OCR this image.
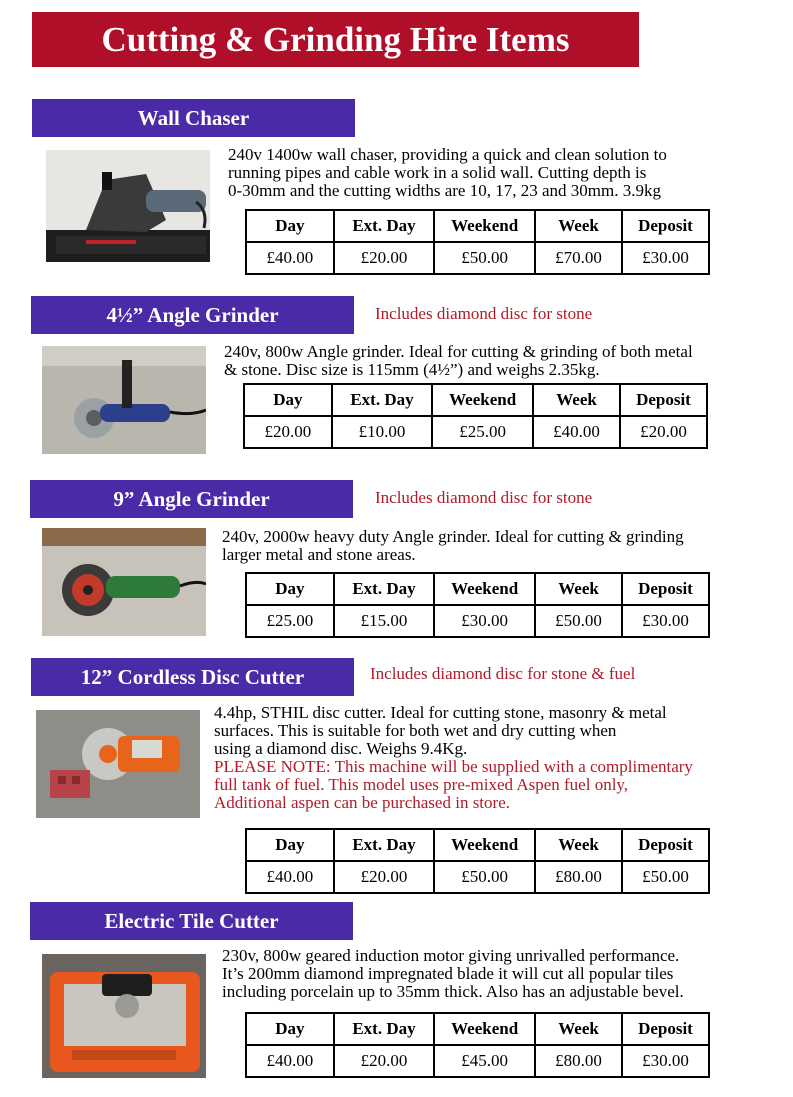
Cutting & Grinding Hire Items
Wall Chaser
240v 1400w wall chaser, providing a quick and clean solution to
running pipes and cable work in a solid wall. Cutting depth is
0-30mm and the cutting widths are 10, 17, 23 and 30mm. 3.9kg
Day	Ext. Day	Weekend	Week	Deposit
£40.00	£20.00	£50.00	£70.00	£30.00
4½” Angle Grinder	Includes diamond disc for stone
240v, 800w Angle grinder. Ideal for cutting & grinding of both metal
& stone. Disc size is 115mm (4½”) and weighs 2.35kg.
Day	Ext. Day	Weekend	Week	Deposit
£20.00	£10.00	£25.00	£40.00	£20.00
9” Angle Grinder	Includes diamond disc for stone
240v, 2000w heavy duty Angle grinder. Ideal for cutting & grinding
larger metal and stone areas.
Day	Ext. Day	Weekend	Week	Deposit
£25.00	£15.00	£30.00	£50.00	£30.00
12” Cordless Disc Cutter	Includes diamond disc for stone & fuel
4.4hp, STHIL disc cutter. Ideal for cutting stone, masonry & metal
surfaces. This is suitable for both wet and dry cutting when
using a diamond disc. Weighs 9.4Kg.
PLEASE NOTE: This machine will be supplied with a complimentary
full tank of fuel. This model uses pre-mixed Aspen fuel only,
Additional aspen can be purchased in store.
Day	Ext. Day	Weekend	Week	Deposit
£40.00	£20.00	£50.00	£80.00	£50.00
Electric Tile Cutter
230v, 800w geared induction motor giving unrivalled performance.
It’s 200mm diamond impregnated blade it will cut all popular tiles
including porcelain up to 35mm thick. Also has an adjustable bevel.
Day	Ext. Day	Weekend	Week	Deposit
£40.00	£20.00	£45.00	£80.00	£30.00
